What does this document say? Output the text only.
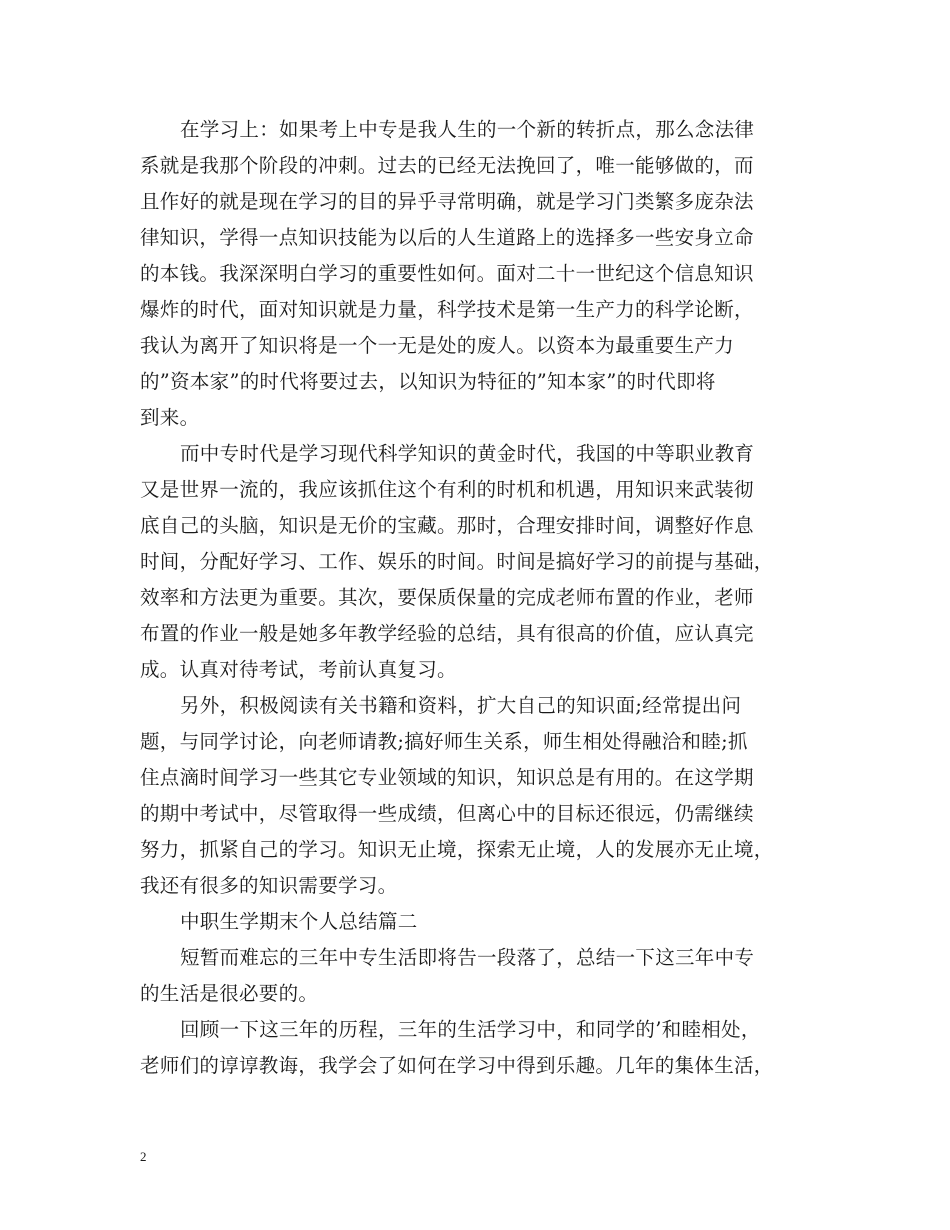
在学习上：如果考上中专是我人生的一个新的转折点，那么念法律
系就是我那个阶段的冲刺。过去的已经无法挽回了，唯一能够做的，而
且作好的就是现在学习的目的异乎寻常明确，就是学习门类繁多庞杂法
律知识，学得一点知识技能为以后的人生道路上的选择多一些安身立命
的本钱。我深深明白学习的重要性如何。面对二十一世纪这个信息知识
爆炸的时代，面对知识就是力量，科学技术是第一生产力的科学论断，
我认为离开了知识将是一个一无是处的废人。以资本为最重要生产力
的”资本家”的时代将要过去，以知识为特征的”知本家”的时代即将
到来。

而中专时代是学习现代科学知识的黄金时代，我国的中等职业教育
又是世界一流的，我应该抓住这个有利的时机和机遇，用知识来武装彻
底自己的头脑，知识是无价的宝藏。那时，合理安排时间，调整好作息
时间，分配好学习、工作、娱乐的时间。时间是搞好学习的前提与基础，
效率和方法更为重要。其次，要保质保量的完成老师布置的作业，老师
布置的作业一般是她多年教学经验的总结，具有很高的价值，应认真完
成。认真对待考试，考前认真复习。

另外，积极阅读有关书籍和资料，扩大自己的知识面;经常提出问
题，与同学讨论，向老师请教;搞好师生关系，师生相处得融洽和睦;抓
住点滴时间学习一些其它专业领域的知识，知识总是有用的。在这学期
的期中考试中，尽管取得一些成绩，但离心中的目标还很远，仍需继续
努力，抓紧自己的学习。知识无止境，探索无止境，人的发展亦无止境，
我还有很多的知识需要学习。

中职生学期末个人总结篇二

短暂而难忘的三年中专生活即将告一段落了，总结一下这三年中专
的生活是很必要的。

回顾一下这三年的历程，三年的生活学习中，和同学的’和睦相处，
老师们的谆谆教诲，我学会了如何在学习中得到乐趣。几年的集体生活，

2
